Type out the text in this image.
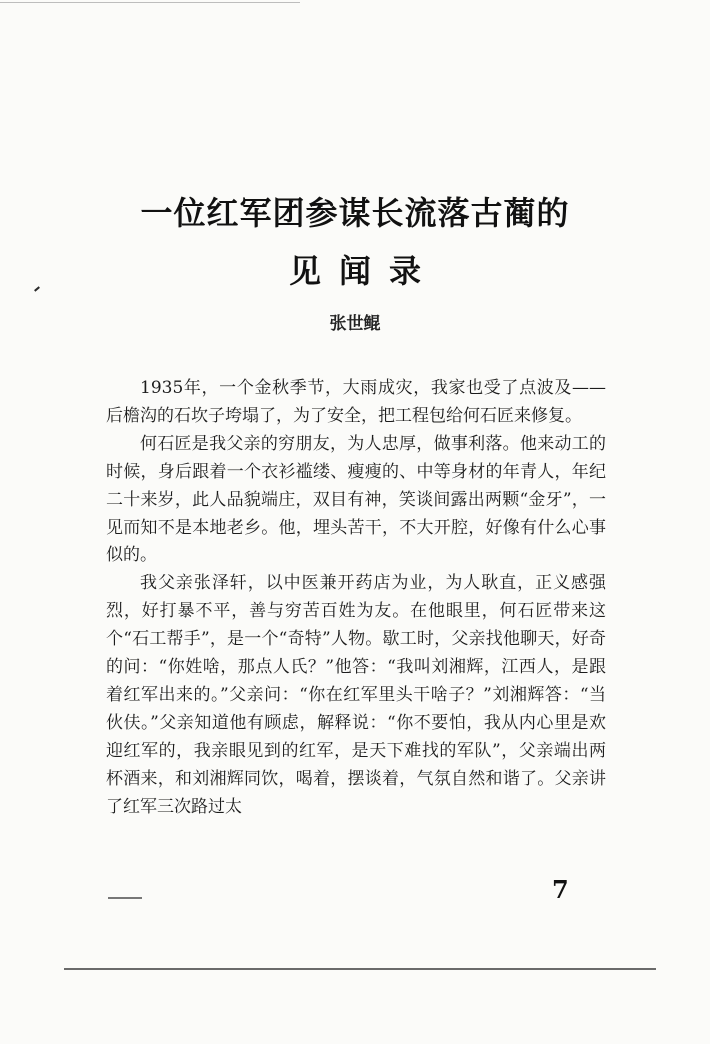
一位红军团参谋长流落古蔺的
见闻录
张世鲲

1935年，一个金秋季节，大雨成灾，我家也受了点波及——后檐沟的石坎子垮塌了，为了安全，把工程包给何石匠来修复。

何石匠是我父亲的穷朋友，为人忠厚，做事利落。他来动工的时候，身后跟着一个衣衫褴缕、瘦瘦的、中等身材的年青人，年纪二十来岁，此人品貌端庄，双目有神，笑谈间露出两颗“金牙”，一见而知不是本地老乡。他，埋头苦干，不大开腔，好像有什么心事似的。

我父亲张泽轩，以中医兼开药店为业，为人耿直，正义感强烈，好打暴不平，善与穷苦百姓为友。在他眼里，何石匠带来这个“石工帮手”，是一个“奇特”人物。歇工时，父亲找他聊天，好奇的问：“你姓啥，那点人氏？”他答：“我叫刘湘辉，江西人，是跟着红军出来的。”父亲问：“你在红军里头干啥子？”刘湘辉答：“当伙伕。”父亲知道他有顾虑，解释说：“你不要怕，我从内心里是欢迎红军的，我亲眼见到的红军，是天下难找的军队”，父亲端出两杯酒来，和刘湘辉同饮，喝着，摆谈着，气氛自然和谐了。父亲讲了红军三次路过太

7
